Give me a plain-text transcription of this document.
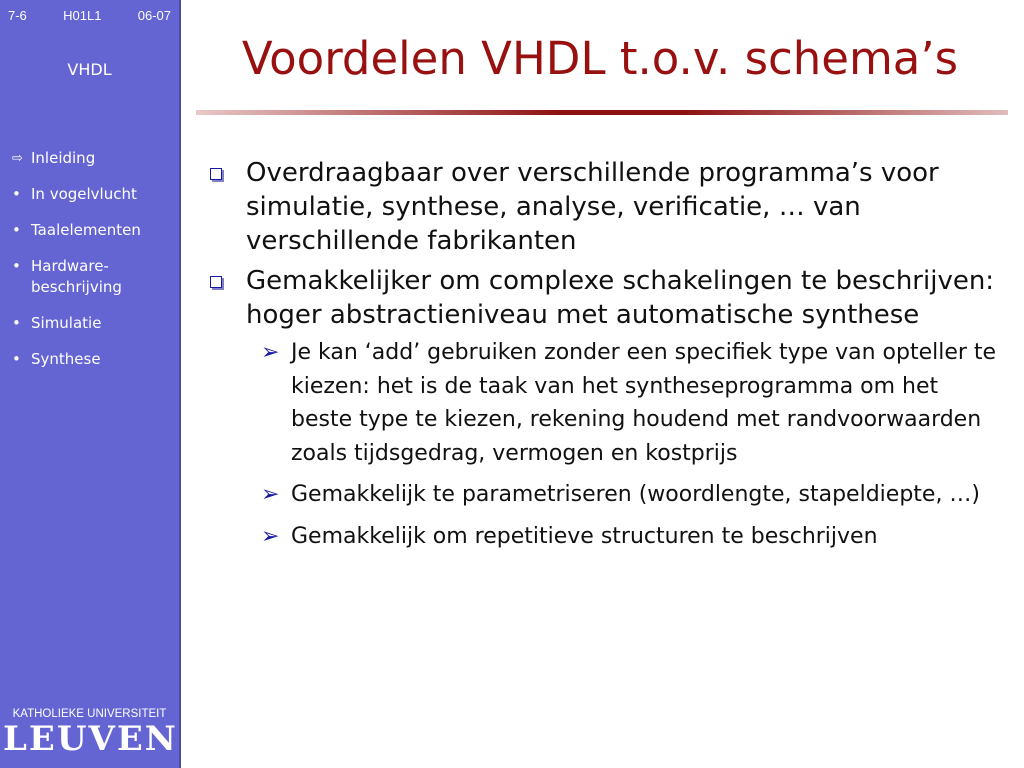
7-6	H01L1	06-07
VHDL
⇨ Inleiding
• In vogelvlucht
• Taalelementen
• Hardware-beschrijving
• Simulatie
• Synthese
KATHOLIEKE UNIVERSITEIT
LEUVEN
Voordelen VHDL t.o.v. schema’s
Overdraagbaar over verschillende programma’s voor simulatie, synthese, analyse, verificatie, … van verschillende fabrikanten
Gemakkelijker om complexe schakelingen te beschrijven: hoger abstractieniveau met automatische synthese
➢ Je kan ‘add’ gebruiken zonder een specifiek type van opteller te kiezen: het is de taak van het syntheseprogramma om het beste type te kiezen, rekening houdend met randvoorwaarden zoals tijdsgedrag, vermogen en kostprijs
➢ Gemakkelijk te parametriseren (woordlengte, stapeldiepte, …)
➢ Gemakkelijk om repetitieve structuren te beschrijven
